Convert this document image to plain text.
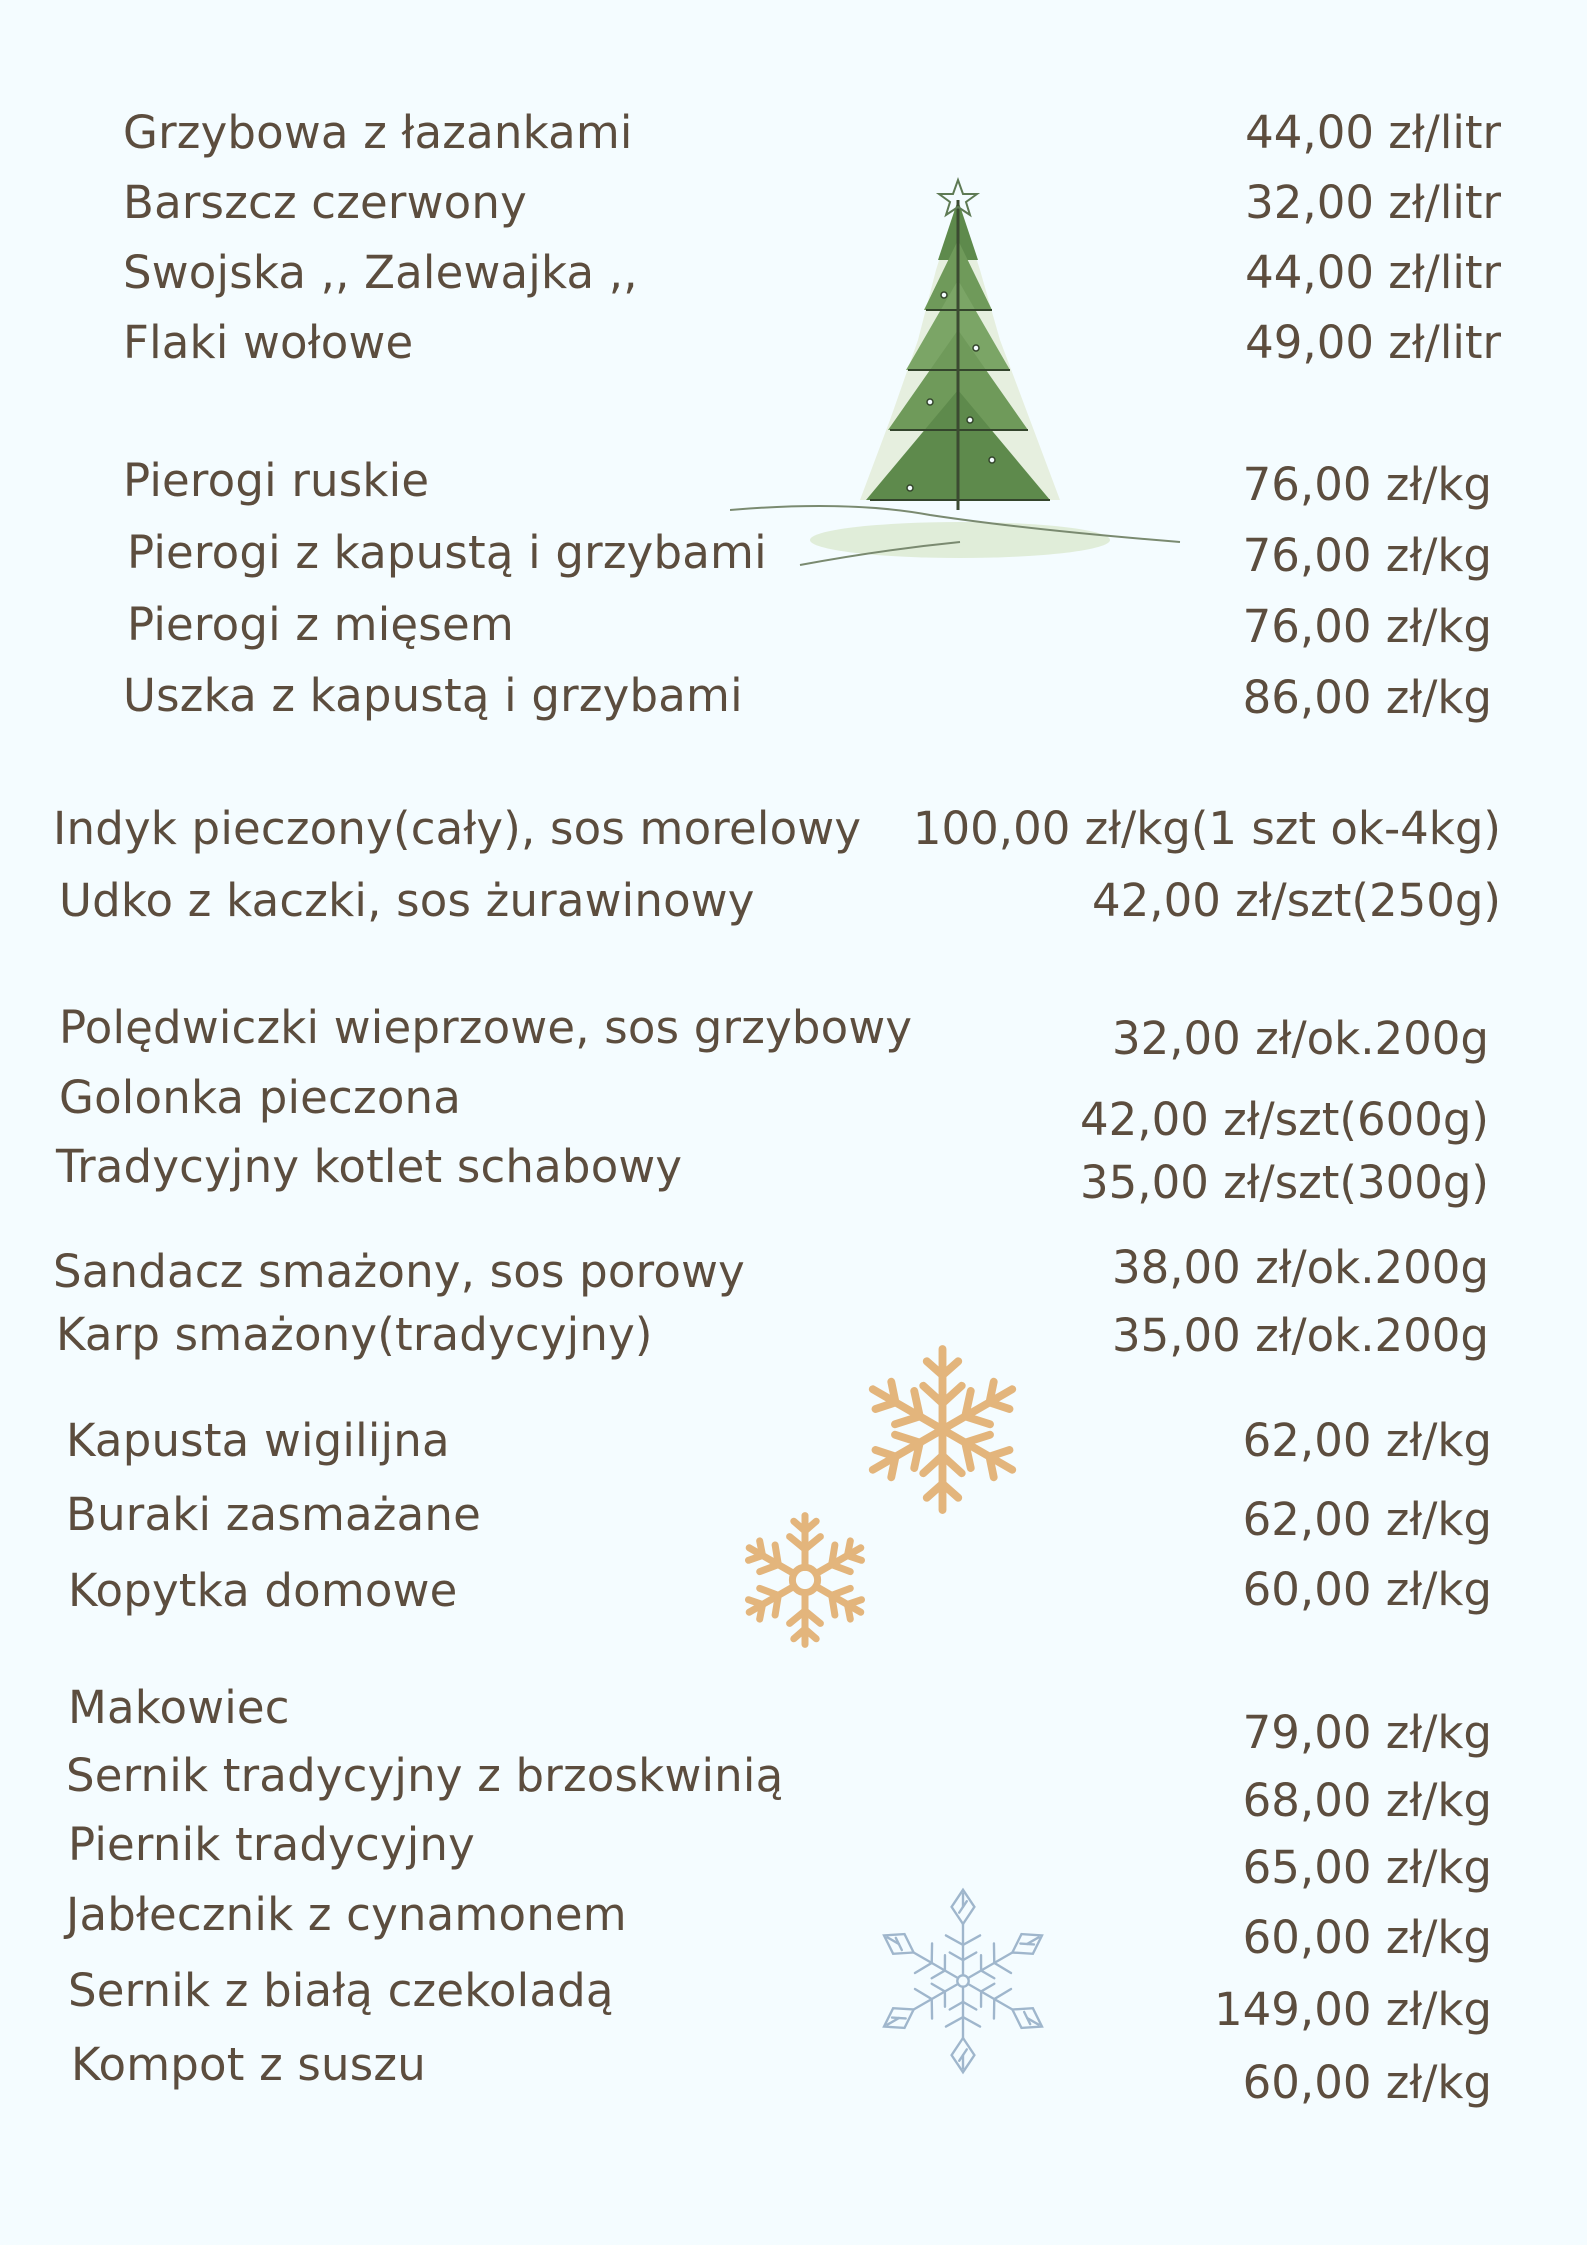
Grzybowa z łazankami	44,00 zł/litr
Barszcz czerwony	32,00 zł/litr
Swojska ,, Zalewajka ,,	44,00 zł/litr
Flaki wołowe	49,00 zł/litr
Pierogi ruskie	76,00 zł/kg
Pierogi z kapustą i grzybami	76,00 zł/kg
Pierogi z mięsem	76,00 zł/kg
Uszka z kapustą i grzybami	86,00 zł/kg
Indyk pieczony(cały), sos morelowy 100,00 zł/kg(1 szt ok-4kg)
Udko z kaczki, sos żurawinowy	42,00 zł/szt(250g)
Polędwiczki wieprzowe, sos grzybowy	32,00 zł/ok.200g
Golonka pieczona	42,00 zł/szt(600g)
Tradycyjny kotlet schabowy	35,00 zł/szt(300g)
Sandacz smażony, sos porowy	38,00 zł/ok.200g
Karp smażony(tradycyjny)	35,00 zł/ok.200g
Kapusta wigilijna	62,00 zł/kg
Buraki zasmażane	62,00 zł/kg
Kopytka domowe	60,00 zł/kg
Makowiec	79,00 zł/kg
Sernik tradycyjny z brzoskwinią	68,00 zł/kg
Piernik tradycyjny	65,00 zł/kg
Jabłecznik z cynamonem	60,00 zł/kg
Sernik z białą czekoladą	149,00 zł/kg
Kompot z suszu	60,00 zł/kg
